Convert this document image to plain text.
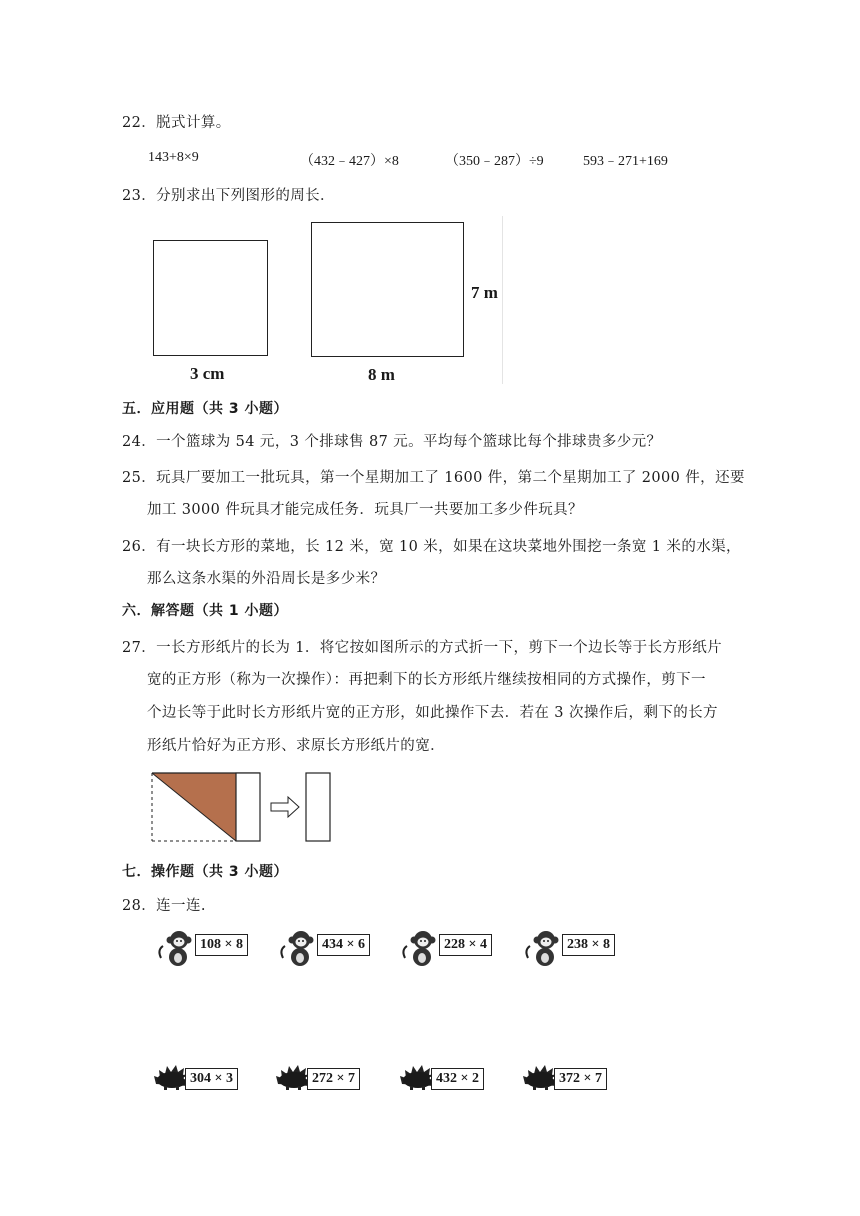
22．脱式计算。
143+8×9	（432﹣427）×8	（350﹣287）÷9	593﹣271+169
23．分别求出下列图形的周长．
3 cm	8 m
7 m
五．应用题（共 3 小题）
24．一个篮球为 54 元，3 个排球售 87 元。平均每个篮球比每个排球贵多少元？
25．玩具厂要加工一批玩具，第一个星期加工了 1600 件，第二个星期加工了 2000 件，还要
加工 3000 件玩具才能完成任务．玩具厂一共要加工多少件玩具？
26．有一块长方形的菜地，长 12 米，宽 10 米，如果在这块菜地外围挖一条宽 1 米的水渠，
那么这条水渠的外沿周长是多少米？
六．解答题（共 1 小题）
27．一长方形纸片的长为 1．将它按如图所示的方式折一下，剪下一个边长等于长方形纸片
宽的正方形（称为一次操作）：再把剩下的长方形纸片继续按相同的方式操作，剪下一
个边长等于此时长方形纸片宽的正方形，如此操作下去．若在 3 次操作后，剩下的长方
形纸片恰好为正方形、求原长方形纸片的宽．
七．操作题（共 3 小题）
28．连一连.
108 × 8	434 × 6	228 × 4	238 × 8
304 × 3	272 × 7	432 × 2	372 × 7
